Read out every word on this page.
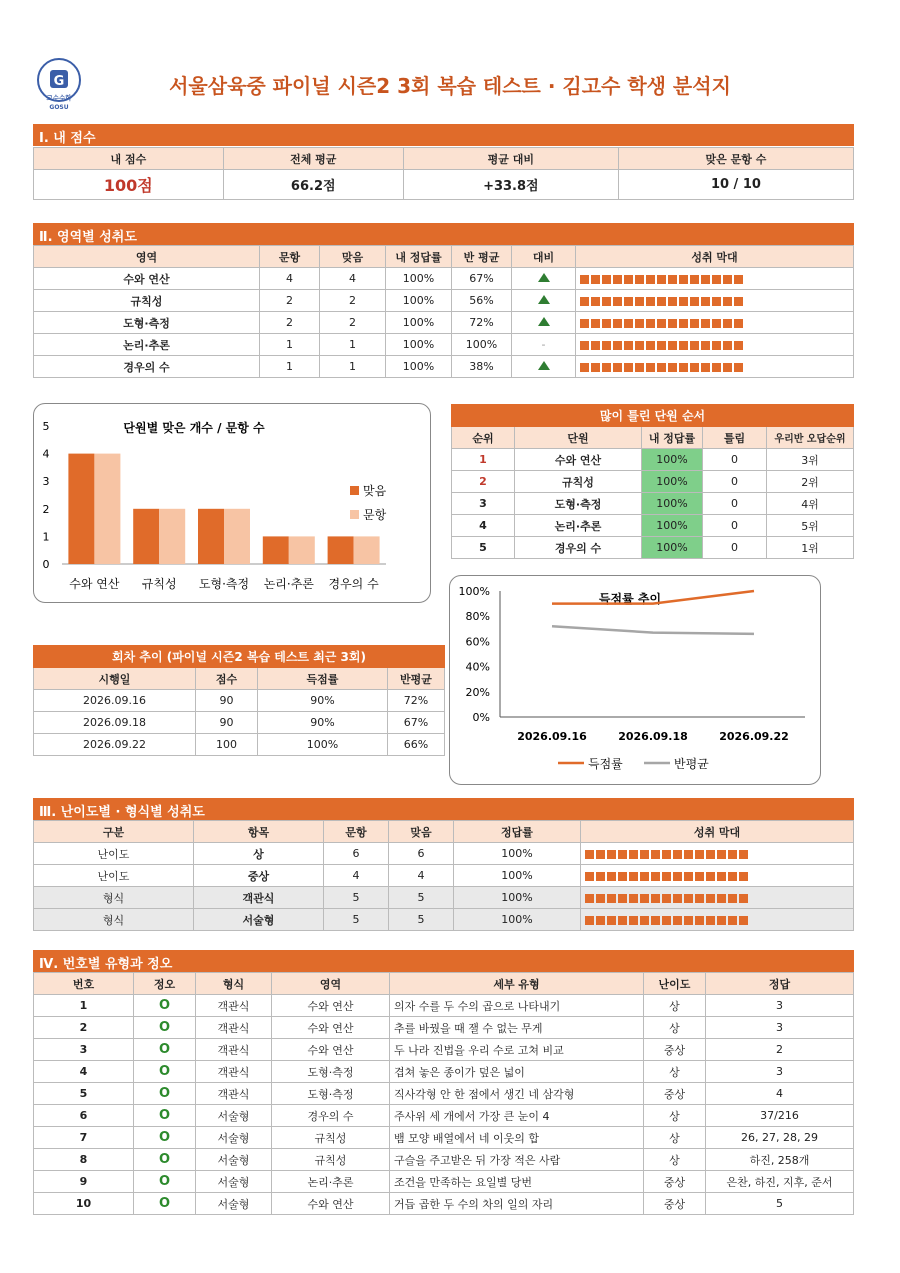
G
고수수학
GOSU
서울삼육중 파이널 시즌2 3회 복습 테스트 · 김고수 학생 분석지
Ⅰ. 내 점수
내 점수	전체 평균	평균 대비	맞은 문항 수
100점	66.2점	+33.8점	10 / 10
Ⅱ. 영역별 성취도
영역	문항	맞음	내 정답률	반 평균	대비	성취 막대
수와 연산	4	4	100%	67%		

규칙성	2	2	100%	56%		

도형·측정	2	2	100%	72%		

논리·추론	1	1	100%	100%	-	

경우의 수	1	1	100%	38%		
0
1
2
3
4
5	단원별 맞은 개수 / 문항 수
수와 연산 규칙성 도형·측정 논리·추론 경우의 수
맞음
문항
많이 틀린 단원 순서				
순위	단원	내 정답률	틀림	우리반 오답순위
1	수와 연산	100%	0	3위
2	규칙성	100%	0	2위
3	도형·측정	100%	0	4위
4	논리·추론	100%	0	5위
5	경우의 수	100%	0	1위
0%
20%
40%
60%
80%
100%
득점률 추이
2026.09.16	2026.09.18	2026.09.22
득점률	반평균
회차 추이 (파이널 시즌2 복습 테스트 최근 3회)			
시행일	점수	득점률	반평균
2026.09.16	90	90%	72%
2026.09.18	90	90%	67%
2026.09.22	100	100%	66%
Ⅲ. 난이도별 · 형식별 성취도
구분	항목	문항	맞음	정답률	성취 막대
난이도	상	6	6	100%	

난이도	중상	4	4	100%	

형식	객관식	5	5	100%	

형식	서술형	5	5	100%	
Ⅳ. 번호별 유형과 정오
번호	정오	형식	영역	세부 유형	난이도	정답
1	O	객관식	수와 연산	의자 수를 두 수의 곱으로 나타내기	상	3
2	O	객관식	수와 연산	추를 바꿨을 때 잴 수 없는 무게	상	3
3	O	객관식	수와 연산	두 나라 진법을 우리 수로 고쳐 비교	중상	2
4	O	객관식	도형·측정	겹쳐 놓은 종이가 덮은 넓이	상	3
5	O	객관식	도형·측정	직사각형 안 한 점에서 생긴 네 삼각형	중상	4
6	O	서술형	경우의 수	주사위 세 개에서 가장 큰 눈이 4	상	37/216
7	O	서술형	규칙성	뱀 모양 배열에서 네 이웃의 합	상	26, 27, 28, 29
8	O	서술형	규칙성	구슬을 주고받은 뒤 가장 적은 사람	상	하진, 258개
9	O	서술형	논리·추론	조건을 만족하는 요일별 당번	중상	은찬, 하진, 지후, 준서
10	O	서술형	수와 연산	거듭 곱한 두 수의 차의 일의 자리	중상	5
